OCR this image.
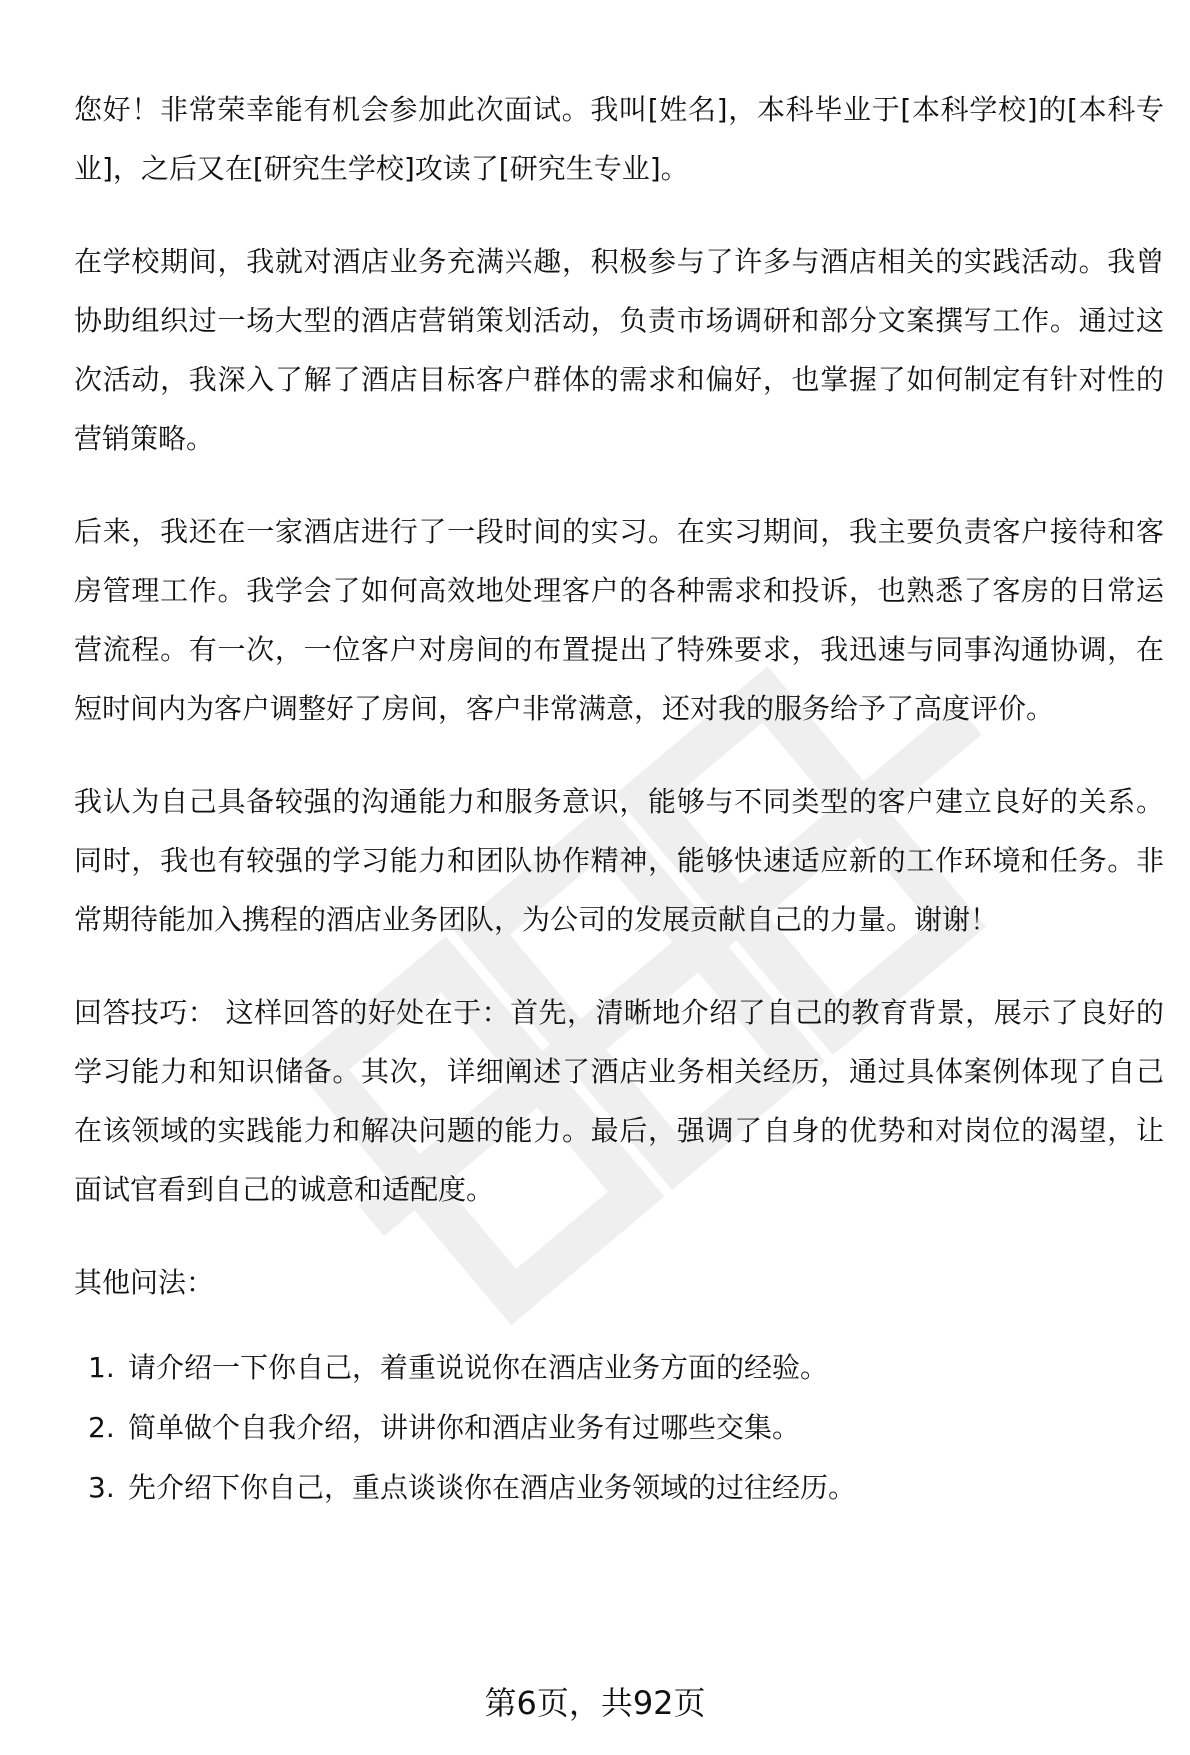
您好！非常荣幸能有机会参加此次面试。我叫[姓名]，本科毕业于[本科学校]的[本科专业]，之后又在[研究生学校]攻读了[研究生专业]。

在学校期间，我就对酒店业务充满兴趣，积极参与了许多与酒店相关的实践活动。我曾协助组织过一场大型的酒店营销策划活动，负责市场调研和部分文案撰写工作。通过这次活动，我深入了解了酒店目标客户群体的需求和偏好，也掌握了如何制定有针对性的营销策略。

后来，我还在一家酒店进行了一段时间的实习。在实习期间，我主要负责客户接待和客房管理工作。我学会了如何高效地处理客户的各种需求和投诉，也熟悉了客房的日常运营流程。有一次，一位客户对房间的布置提出了特殊要求，我迅速与同事沟通协调，在短时间内为客户调整好了房间，客户非常满意，还对我的服务给予了高度评价。

我认为自己具备较强的沟通能力和服务意识，能够与不同类型的客户建立良好的关系。同时，我也有较强的学习能力和团队协作精神，能够快速适应新的工作环境和任务。非常期待能加入携程的酒店业务团队，为公司的发展贡献自己的力量。谢谢！

回答技巧： 这样回答的好处在于：首先，清晰地介绍了自己的教育背景，展示了良好的学习能力和知识储备。其次，详细阐述了酒店业务相关经历，通过具体案例体现了自己在该领域的实践能力和解决问题的能力。最后，强调了自身的优势和对岗位的渴望，让面试官看到自己的诚意和适配度。

其他问法：

1. 请介绍一下你自己，着重说说你在酒店业务方面的经验。
2. 简单做个自我介绍，讲讲你和酒店业务有过哪些交集。
3. 先介绍下你自己，重点谈谈你在酒店业务领域的过往经历。
第6页，共92页
